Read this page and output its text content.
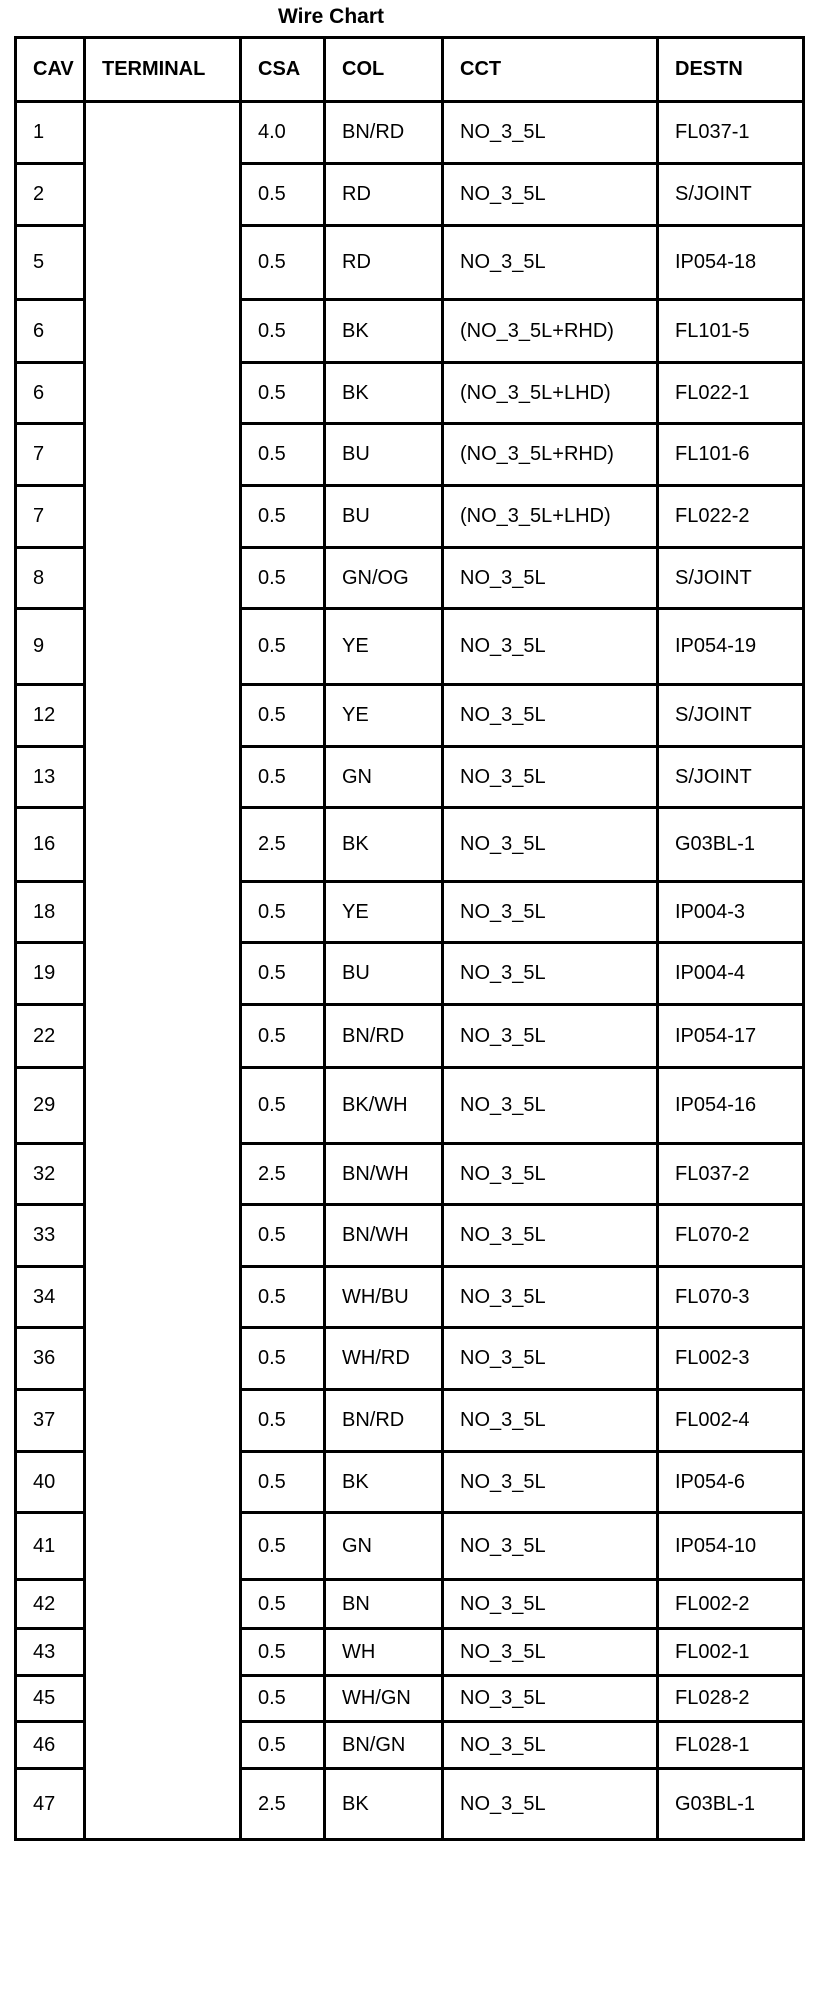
Wire Chart
CAV	TERMINAL	CSA	COL	CCT	DESTN
1		4.0	BN/RD	NO_3_5L	FL037-1
2		0.5	RD	NO_3_5L	S/JOINT
5		0.5	RD	NO_3_5L	IP054-18
6		0.5	BK	(NO_3_5L+RHD)	FL101-5
6		0.5	BK	(NO_3_5L+LHD)	FL022-1
7		0.5	BU	(NO_3_5L+RHD)	FL101-6
7		0.5	BU	(NO_3_5L+LHD)	FL022-2
8		0.5	GN/OG	NO_3_5L	S/JOINT
9		0.5	YE	NO_3_5L	IP054-19
12		0.5	YE	NO_3_5L	S/JOINT
13		0.5	GN	NO_3_5L	S/JOINT
16		2.5	BK	NO_3_5L	G03BL-1
18		0.5	YE	NO_3_5L	IP004-3
19		0.5	BU	NO_3_5L	IP004-4
22		0.5	BN/RD	NO_3_5L	IP054-17
29		0.5	BK/WH	NO_3_5L	IP054-16
32		2.5	BN/WH	NO_3_5L	FL037-2
33		0.5	BN/WH	NO_3_5L	FL070-2
34		0.5	WH/BU	NO_3_5L	FL070-3
36		0.5	WH/RD	NO_3_5L	FL002-3
37		0.5	BN/RD	NO_3_5L	FL002-4
40		0.5	BK	NO_3_5L	IP054-6
41		0.5	GN	NO_3_5L	IP054-10
42		0.5	BN	NO_3_5L	FL002-2
43		0.5	WH	NO_3_5L	FL002-1
45		0.5	WH/GN	NO_3_5L	FL028-2
46		0.5	BN/GN	NO_3_5L	FL028-1
47		2.5	BK	NO_3_5L	G03BL-1
